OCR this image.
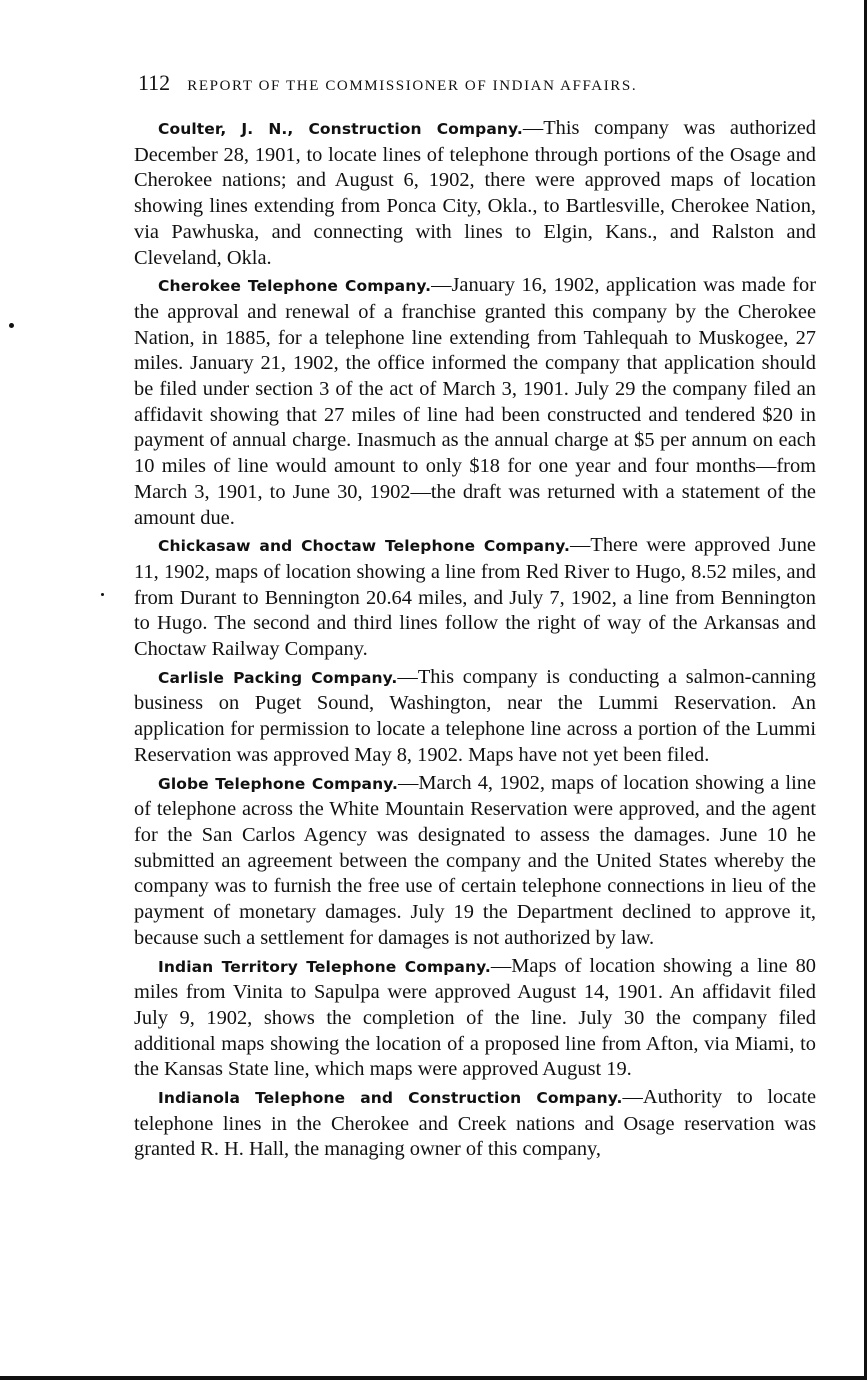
112 REPORT OF THE COMMISSIONER OF INDIAN AFFAIRS.

Coulter, J. N., Construction Company.—This company was authorized December 28, 1901, to locate lines of telephone through portions of the Osage and Cherokee nations; and August 6, 1902, there were approved maps of location showing lines extending from Ponca City, Okla., to Bartlesville, Cherokee Nation, via Pawhuska, and connecting with lines to Elgin, Kans., and Ralston and Cleveland, Okla.

Cherokee Telephone Company.—January 16, 1902, application was made for the approval and renewal of a franchise granted this company by the Cherokee Nation, in 1885, for a telephone line extending from Tahlequah to Muskogee, 27 miles. January 21, 1902, the office informed the company that application should be filed under section 3 of the act of March 3, 1901. July 29 the company filed an affidavit showing that 27 miles of line had been constructed and tendered $20 in payment of annual charge. Inasmuch as the annual charge at $5 per annum on each 10 miles of line would amount to only $18 for one year and four months—from March 3, 1901, to June 30, 1902—the draft was returned with a statement of the amount due.

Chickasaw and Choctaw Telephone Company.—There were approved June 11, 1902, maps of location showing a line from Red River to Hugo, 8.52 miles, and from Durant to Bennington 20.64 miles, and July 7, 1902, a line from Bennington to Hugo. The second and third lines follow the right of way of the Arkansas and Choctaw Railway Company.

Carlisle Packing Company.—This company is conducting a salmon-canning business on Puget Sound, Washington, near the Lummi Reservation. An application for permission to locate a telephone line across a portion of the Lummi Reservation was approved May 8, 1902. Maps have not yet been filed.

Globe Telephone Company.—March 4, 1902, maps of location showing a line of telephone across the White Mountain Reservation were approved, and the agent for the San Carlos Agency was designated to assess the damages. June 10 he submitted an agreement between the company and the United States whereby the company was to furnish the free use of certain telephone connections in lieu of the payment of monetary damages. July 19 the Department declined to approve it, because such a settlement for damages is not authorized by law.

Indian Territory Telephone Company.—Maps of location showing a line 80 miles from Vinita to Sapulpa were approved August 14, 1901. An affidavit filed July 9, 1902, shows the completion of the line. July 30 the company filed additional maps showing the location of a proposed line from Afton, via Miami, to the Kansas State line, which maps were approved August 19.

Indianola Telephone and Construction Company.—Authority to locate telephone lines in the Cherokee and Creek nations and Osage reservation was granted R. H. Hall, the managing owner of this company,
